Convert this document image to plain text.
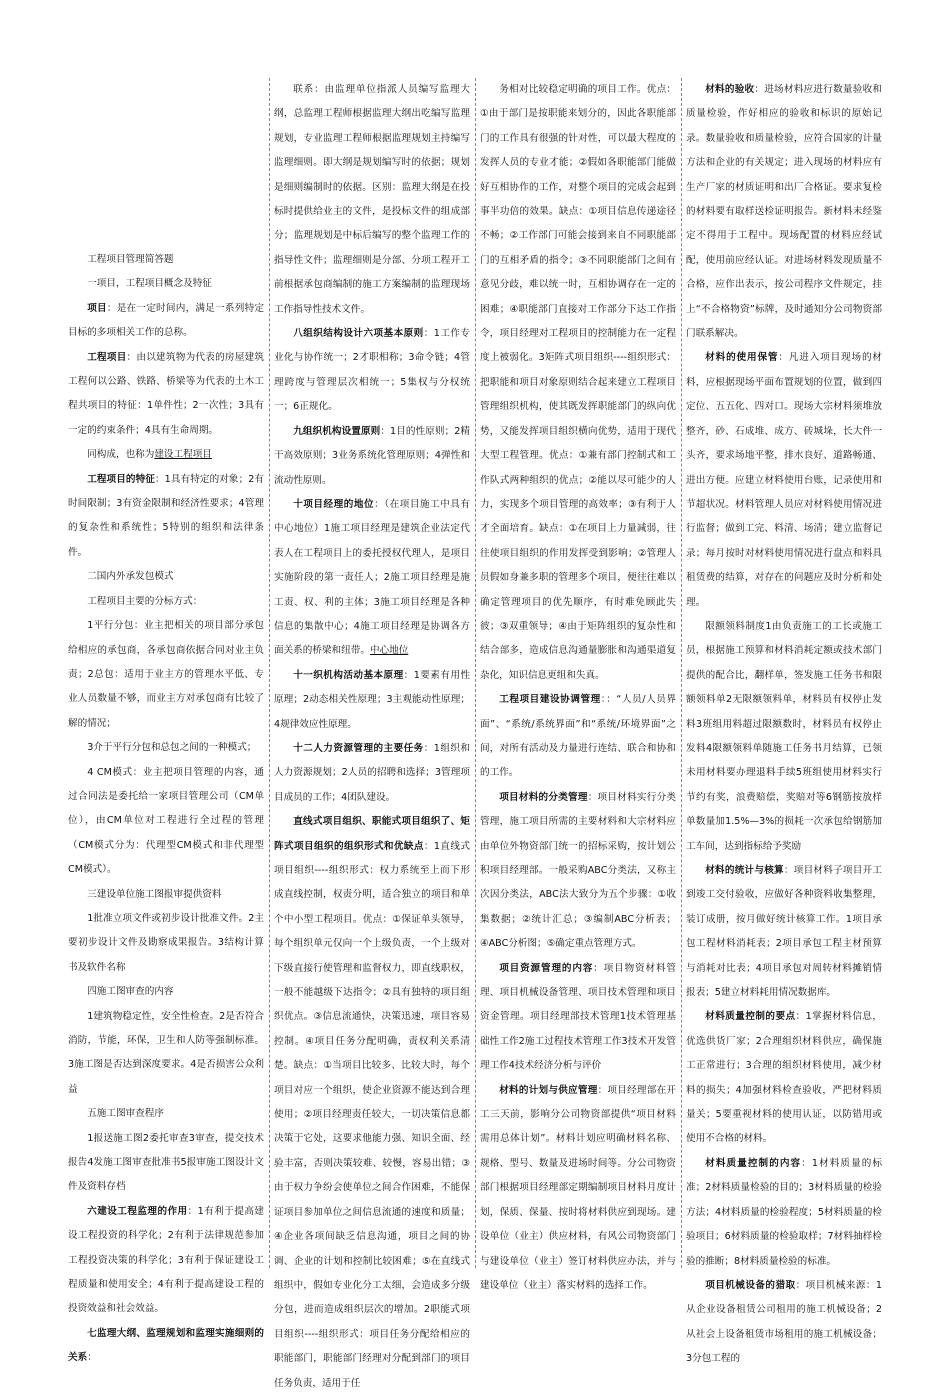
工程项目管理简答题

一项目，工程项目概念及特征

项目：是在一定时间内，满足一系列特定目标的多项相关工作的总称。

工程项目：由以建筑物为代表的房屋建筑工程何以公路、铁路、桥梁等为代表的土木工程共项目的特征：1单件性；2一次性；3具有一定的约束条件；4具有生命周期。

同构成，也称为建设工程项目

工程项目的特征：1具有特定的对象；2有时间限制；3有资金限制和经济性要求；4管理的复杂性和系统性；5特别的组织和法律条件。

二国内外承发包模式

工程项目主要的分标方式：

1平行分包：业主把相关的项目部分承包给相应的承包商，各承包商依据合同对业主负责；2总包：适用于业主方的管理水平低、专业人员数量不够，而业主方对承包商有比较了解的情况；

3介于平行分包和总包之间的一种模式；

4 CM模式：业主把项目管理的内容，通过合同法是委托给一家项目管理公司（CM单位），由CM单位对工程进行全过程的管理（CM模式分为：代理型CM模式和非代理型CM模式）。

三建设单位施工图报审提供资料

1批准立项文件或初步设计批准文件。2主要初步设计文件及勘察成果报告。3结构计算书及软件名称

四施工图审查的内容

1建筑物稳定性，安全性检查。2是否符合消防，节能，环保，卫生和人防等强制标准。3施工图是否达到深度要求。4是否损害公众利益

五施工图审查程序

1报送施工图2委托审查3审查，提交技术报告4发施工图审查批准书5报审施工图设计文件及资料存档

六建设工程监理的作用：1有利于提高建设工程投资的科学化；2有利于法律规范参加工程投资决策的科学化；3有利于保证建设工程质量和使用安全；4有利于提高建设工程的投资效益和社会效益。

七监理大纲、监理规划和监理实施细则的关系：

联系：由监理单位指派人员编写监理大纲，总监理工程师根据监理大纲出吃编写监理规划，专业监理工程师根据监理规划主持编写监理细则。即大纲是规划编写时的依据；规划是细则编制时的依据。区别：监理大纲是在投标时提供给业主的文件，是投标文件的组成部分；监理规划是中标后编写的整个监理工作的指导性文件；监理细则是分部、分项工程开工前根据承包商编制的施工方案编制的监理现场工作指导性技术文件。

八组织结构设计六项基本原则：1工作专业化与协作统一；2才职相称；3命令链；4管理跨度与管理层次相统一；5集权与分权统一；6正规化。

九组织机构设置原则：1目的性原则；2精干高效原则；3业务系统化管理原则；4弹性和流动性原则。

十项目经理的地位：（在项目施工中具有中心地位）1施工项目经理是建筑企业法定代表人在工程项目上的委托授权代理人，是项目实施阶段的第一责任人；2施工项目经理是施工责、权、利的主体；3施工项目经理是各种信息的集散中心；4施工项目经理是协调各方面关系的桥梁和纽带。中心地位

十一织机构活动基本原理：1要素有用性原理；2动态相关性原理；3主观能动性原理；4规律效应性原理。

十二人力资源管理的主要任务：1组织和人力资源规划；2人员的招聘和选择；3管理项目成员的工作；4团队建设。

直线式项目组织、职能式项目组织了、矩阵式项目组织的组织形式和优缺点：1直线式项目组织----组织形式：权力系统至上而下形成直线控制，权责分明，适合独立的项目和单个中小型工程项目。优点：①保证单头领导，每个组织单元仅向一个上级负责，一个上级对下级直接行使管理和监督权力，即直线职权，一般不能越级下达指令；②具有独特的项目组织优点。③信息流通快，决策迅速，项目容易控制。④项目任务分配明确，责权利关系清楚。缺点：①当项目比较多、比较大时，每个项目对应一个组织，使企业资源不能达到合理使用；②项目经理责任较大，一切决策信息都决策于它处，这要求他能力强、知识全面、经验丰富，否则决策较难、较慢，容易出错；③由于权力争纷会使单位之间合作困难，不能保证项目参加单位之间信息流通的速度和质量；④企业各项间缺乏信息沟通，项目之间的协调、企业的计划和控制比较困难；⑤在直线式组织中，假如专业化分工太细，会造成多分级分包，进而造成组织层次的增加。2职能式项目组织----组织形式：项目任务分配给相应的职能部门，职能部门经理对分配到部门的项目任务负责，适用于任

务相对比较稳定明确的项目工作。优点：①由于部门是按职能来划分的，因此各职能部门的工作具有很强的针对性，可以最大程度的发挥人员的专业才能；②假如各职能部门能做好互相协作的工作，对整个项目的完成会起到事半功倍的效果。缺点：①项目信息传递途径不畅；②工作部门可能会接到来自不同职能部门的互相矛盾的指令；③不同职能部门之间有意见分歧，难以统一时，互相协调存在一定的困难；④职能部门直接对工作部分下达工作指令，项目经理对工程项目的控制能力在一定程度上被弱化。3矩阵式项目组织----组织形式：把职能和项目对象原则结合起来建立工程项目管理组织机构，使其既发挥职能部门的纵向优势，又能发挥项目组织横向优势，适用于现代大型工程管理。优点：①兼有部门控制式和工作队式两种组织的优点；②能以尽可能少的人力，实现多个项目管理的高效率；③有利于人才全面培育。缺点：①在项目上力量减弱，往往使项目组织的作用发挥受到影响；②管理人员假如身兼多职的管理多个项目，便往往难以确定管理项目的优先顺序，有时难免顾此失彼；③双重领导；④由于矩阵组织的复杂性和结合部多，造成信息沟通量膨胀和沟通渠道复杂化，知识信息更组和失真。

工程项目建设协调管理：：“人员/人员界面”、“系统/系统界面”和“系统/环境界面”之间，对所有活动及力量进行连结、联合和协和的工作。

项目材料的分类管理：项目材料实行分类管理，施工项目所需的主要材料和大宗材料应由单位外物资部门统一的招标采购，按计划公积项目经理部。一般采购ABC分类法，又称主次因分类法，ABC法大致分为五个步骤：①收集数据；②统计汇总；③编制ABC分析表；④ABC分析图；⑤确定重点管理方式。

项目资源管理的内容：项目物资材料管理、项目机械设备管理、项目技术管理和项目资金管理。项目经理部技术管理1技术管理基础性工作2施工过程技术管理工作3技术开发管理工作4技术经济分析与评价

材料的计划与供应管理：项目经理部在开工三天前，影响分公司物资部提供“项目材料需用总体计划”。材料计划应明确材料名称、规格、型号、数量及进场时间等。分公司物资部门根据项目经理部定期编制项目材料月度计划，保质、保量、按时将材料供应到现场。建设单位（业主）供应材料，有风公司物资部门与建设单位（业主）签订材料供应办法，并与建设单位（业主）落实材料的选择工作。

材料的验收：进场材料应进行数量验收和质量检验，作好相应的验收和标识的原始记录。数量验收和质量检验，应符合国家的计量方法和企业的有关规定；进入现场的材料应有生产厂家的材质证明和出厂合格证。要求复检的材料要有取样送检证明报告。新材料未经鉴定不得用于工程中。现场配置的材料应经试配，使用前应经认证。对进场材料发现质量不合格，应作出表示，按公司程序文件规定，挂上“不合格物资”标牌，及时通知分公司物资部门联系解决。

材料的使用保管：凡进入项目现场的材料，应根据现场平面布置规划的位置，做到四定位、五五化、四对口。现场大宗材料须堆放整齐，砂、石成堆、成方、砖城垛，长大件一头齐，要求场地平整，排水良好、道路畅通、进出方便。应建立材料使用台账，记录使用和节超状况。材料管理人员应对材料使用情况进行监督；做到工完、料清、场清；建立监督记录；每月按时对材料使用情况进行盘点和料具租赁费的结算，对存在的问题应及时分析和处理。

限额领料制度1由负责施工的工长或施工员，根据施工预算和材料消耗定额或技术部门提供的配合比，翻样单，签发施工任务书和限额领料单2无限额领料单，材料员有权停止发料3班组用料超过限额数时，材料员有权停止发料4限额领料单随施工任务书月结算，已领未用材料要办理退料手续5班组使用材料实行节约有奖，浪费赔偿，奖赔对等6钢筋按放样单数量加1.5%—3%的损耗一次承包给钢筋加工车间，达到指标给予奖励

材料的统计与核算：项目材料子项目开工到竣工交付验收，应做好各种资料收集整理，装订成册，按月做好统计核算工作。1项目承包工程材料消耗表；2项目承包工程主材预算与消耗对比表；4项目承包对周转材料摊销情报表；5建立材料耗用情况数据库。

材料质量控制的要点：1掌握材料信息，优选供货厂家；2合理组织材料供应，确保施工正常进行；3合理的组织材料使用，减少材料的损失；4加强材料检查验收，严把材料质量关；5要重视材料的使用认证，以防错用或使用不合格的材料。

材料质量控制的内容：1材料质量的标准；2材料质量检验的目的；3材料质量的检验方法；4材料质量的检验程度；5材料质量的检验项目；6材料质量的检验取样；7材料抽样检验的推断；8材料质量检验的标准。

项目机械设备的猎取：项目机械来源：1从企业设备租赁公司租用的施工机械设备；2从社会上设备租赁市场租用的施工机械设备；3分包工程的
